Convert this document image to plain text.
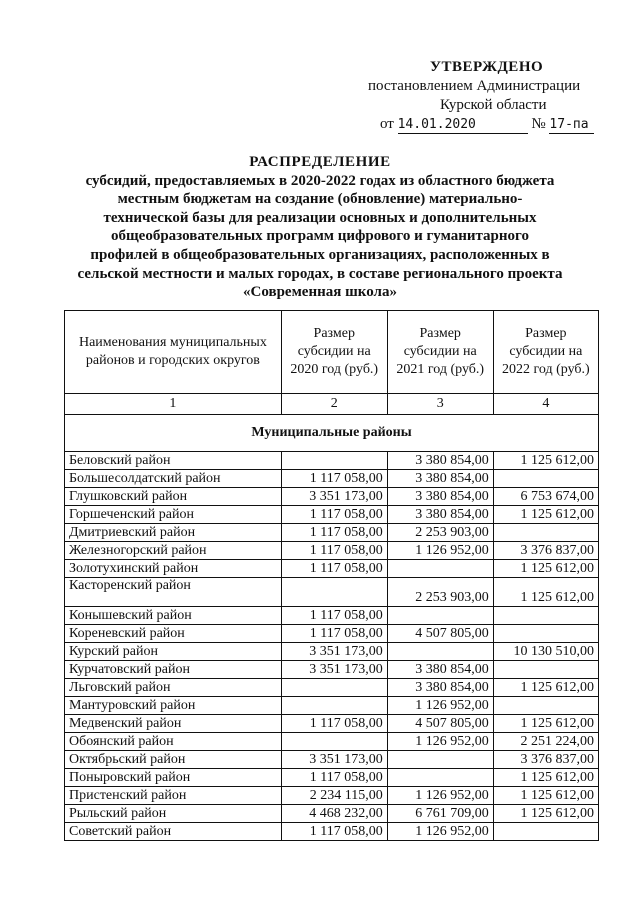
УТВЕРЖДЕНО
постановлением Администрации
Курской области
от 14.01.2020	№ 17-па
РАСПРЕДЕЛЕНИЕ
субсидий, предоставляемых в 2020-2022 годах из областного бюджета
местным бюджетам на создание (обновление) материально-
технической базы для реализации основных и дополнительных
общеобразовательных программ цифрового и гуманитарного
профилей в общеобразовательных организациях, расположенных в
сельской местности и малых городах, в составе регионального проекта
«Современная школа»
Наименования муниципальных районов и городских округов	Размер субсидии на 2020 год (руб.)	Размер субсидии на 2021 год (руб.)	Размер субсидии на 2022 год (руб.)
1	2	3	4
Муниципальные районы			
Беловский район		3 380 854,00	1 125 612,00
Большесолдатский район	1 117 058,00	3 380 854,00	
Глушковский район	3 351 173,00	3 380 854,00	6 753 674,00
Горшеченский район	1 117 058,00	3 380 854,00	1 125 612,00
Дмитриевский район	1 117 058,00	2 253 903,00	
Железногорский район	1 117 058,00	1 126 952,00	3 376 837,00
Золотухинский район	1 117 058,00		1 125 612,00
Касторенский район		2 253 903,00	1 125 612,00
Конышевский район	1 117 058,00		
Кореневский район	1 117 058,00	4 507 805,00	
Курский район	3 351 173,00		10 130 510,00
Курчатовский район	3 351 173,00	3 380 854,00	
Льговский район		3 380 854,00	1 125 612,00
Мантуровский район		1 126 952,00	
Медвенский район	1 117 058,00	4 507 805,00	1 125 612,00
Обоянский район		1 126 952,00	2 251 224,00
Октябрьский район	3 351 173,00		3 376 837,00
Поныровский район	1 117 058,00		1 125 612,00
Пристенский район	2 234 115,00	1 126 952,00	1 125 612,00
Рыльский район	4 468 232,00	6 761 709,00	1 125 612,00
Советский район	1 117 058,00	1 126 952,00	
